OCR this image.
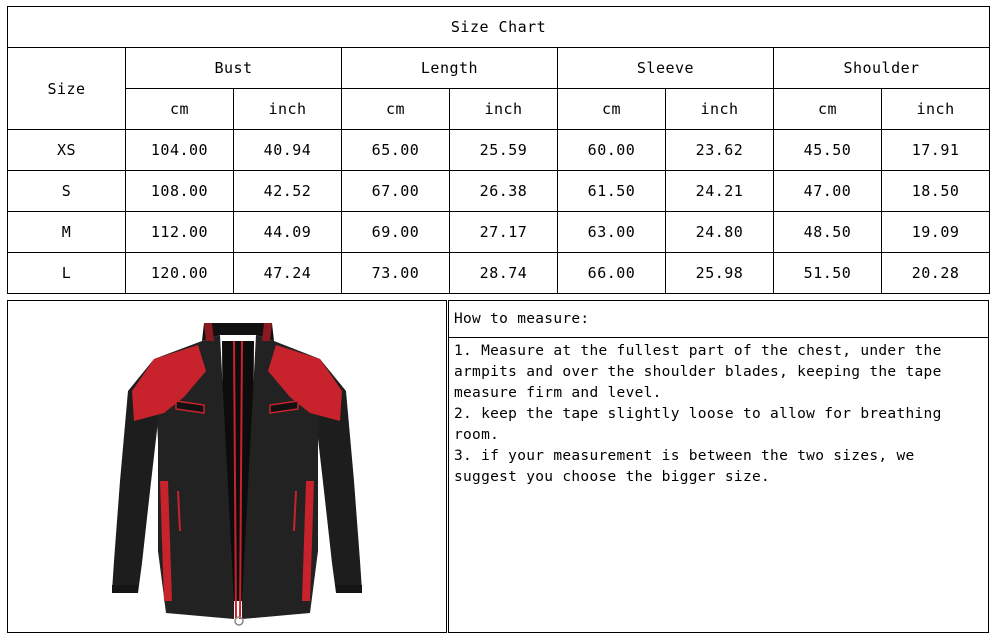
Size Chart								
Size	Bust		Length		Sleeve		Shoulder	
	cm	inch	cm	inch	cm	inch	cm	inch
XS	104.00	40.94	65.00	25.59	60.00	23.62	45.50	17.91
S	108.00	42.52	67.00	26.38	61.50	24.21	47.00	18.50
M	112.00	44.09	69.00	27.17	63.00	24.80	48.50	19.09
L	120.00	47.24	73.00	28.74	66.00	25.98	51.50	20.28
How to measure:

1. Measure at the fullest part of the chest, under the armpits and over the shoulder blades, keeping the tape measure firm and level.

2. keep the tape slightly loose to allow for breathing room.

3. if your measurement is between the two sizes, we suggest you choose the bigger size.
